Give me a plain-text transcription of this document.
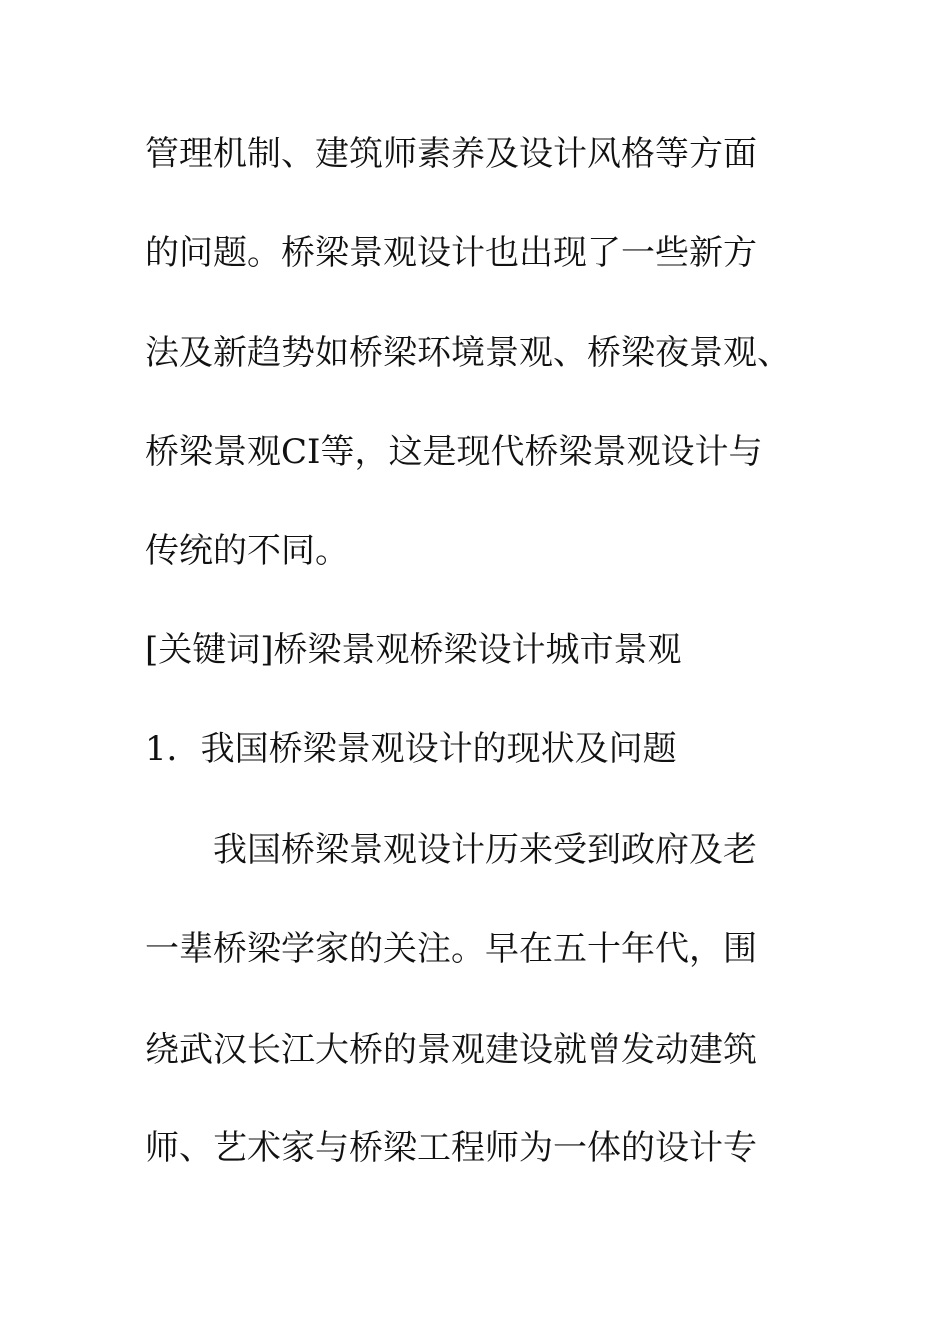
管理机制、建筑师素养及设计风格等方面
的问题。桥梁景观设计也出现了一些新方
法及新趋势如桥梁环境景观、桥梁夜景观、
桥梁景观CI等，这是现代桥梁景观设计与
传统的不同。
[关键词]桥梁景观桥梁设计城市景观
1．我国桥梁景观设计的现状及问题
我国桥梁景观设计历来受到政府及老
一辈桥梁学家的关注。早在五十年代，围
绕武汉长江大桥的景观建设就曾发动建筑
师、艺术家与桥梁工程师为一体的设计专
